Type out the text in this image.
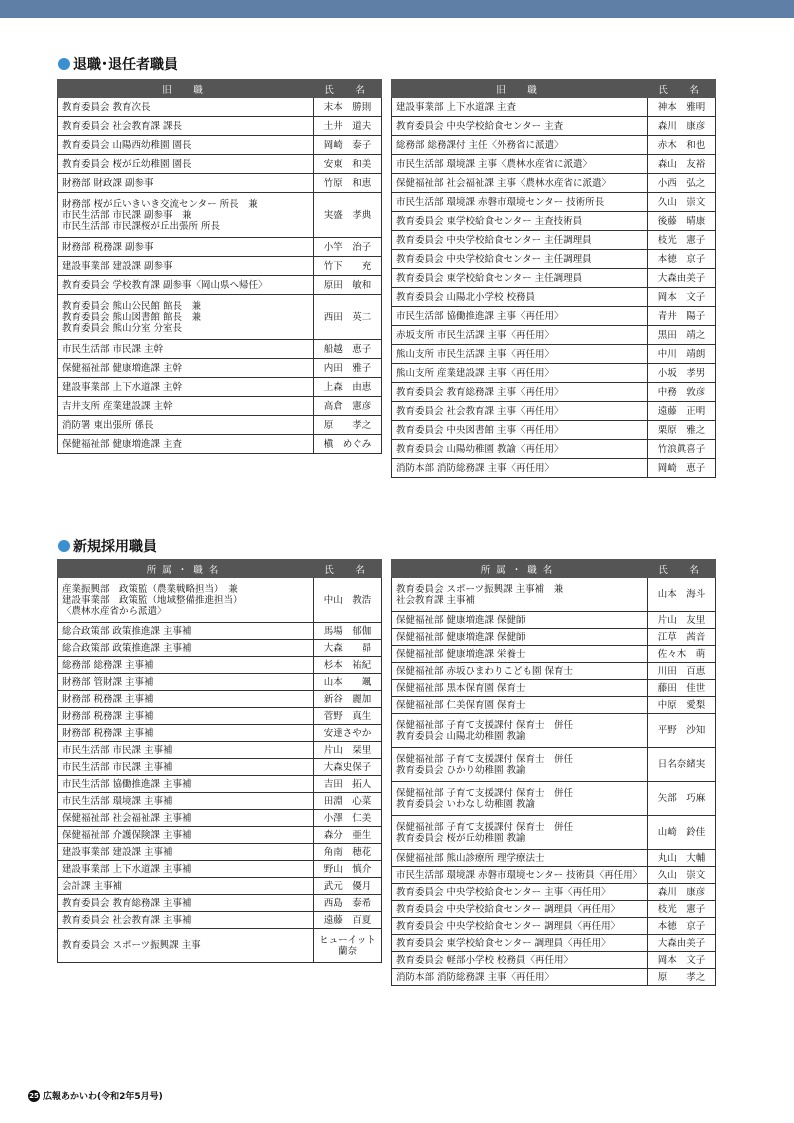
退職･退任者職員
旧　職	氏　名
教育委員会 教育次長	末本　勝則
教育委員会 社会教育課 課長	土井　道夫
教育委員会 山陽西幼稚園 園長	岡崎　泰子
教育委員会 桜が丘幼稚園 園長	安東　和美
財務部 財政課 副参事	竹原　和恵
財務部 桜が丘いきいき交流センター 所長　兼
市民生活部 市民課 副参事　兼
市民生活部 市民課桜が丘出張所 所長	実盛　孝典
財務部 税務課 副参事	小竿　治子
建設事業部 建設課 副参事	竹下　　充
教育委員会 学校教育課 副参事〈岡山県へ帰任〉	原田　敏和
教育委員会 熊山公民館 館長　兼
教育委員会 熊山図書館 館長　兼
教育委員会 熊山分室 分室長	西田　英二
市民生活部 市民課 主幹	船越　恵子
保健福祉部 健康増進課 主幹	内田　雅子
建設事業部 上下水道課 主幹	上森　由恵
吉井支所 産業建設課 主幹	高倉　憲彦
消防署 東出張所 係長	原　　孝之
保健福祉部 健康増進課 主査	槇　めぐみ
旧　職	氏　名
建設事業部 上下水道課 主査	神本　雅明
教育委員会 中央学校給食センター 主査	森川　康彦
総務部 総務課付 主任〈外務省に派遣〉	赤木　和也
市民生活部 環境課 主事〈農林水産省に派遣〉	森山　友裕
保健福祉部 社会福祉課 主事〈農林水産省に派遣〉	小西　弘之
市民生活部 環境課 赤磐市環境センター 技術所長	久山　崇文
教育委員会 東学校給食センター 主査技術員	後藤　晴康
教育委員会 中央学校給食センター 主任調理員	枝光　憲子
教育委員会 中央学校給食センター 主任調理員	本徳　京子
教育委員会 東学校給食センター 主任調理員	大森由美子
教育委員会 山陽北小学校 校務員	岡本　文子
市民生活部 協働推進課 主事〈再任用〉	青井　陽子
赤坂支所 市民生活課 主事〈再任用〉	黒田　靖之
熊山支所 市民生活課 主事〈再任用〉	中川　靖朗
熊山支所 産業建設課 主事〈再任用〉	小坂　孝男
教育委員会 教育総務課 主事〈再任用〉	中務　敦彦
教育委員会 社会教育課 主事〈再任用〉	遠藤　正明
教育委員会 中央図書館 主事〈再任用〉	栗原　雅之
教育委員会 山陽幼稚園 教諭〈再任用〉	竹浪眞喜子
消防本部 消防総務課 主事〈再任用〉	岡崎　恵子
新規採用職員
所属・職名	氏　名
産業振興部　政策監（農業戦略担当）　兼
建設事業部　政策監（地域整備推進担当）
〈農林水産省から派遣〉	中山　教浩
総合政策部 政策推進課 主事補	馬場　郁伽
総合政策部 政策推進課 主事補	大森　　昴
総務部 総務課 主事補	杉本　祐紀
財務部 管財課 主事補	山本　　颯
財務部 税務課 主事補	新谷　麗加
財務部 税務課 主事補	菅野　真生
財務部 税務課 主事補	安達さやか
市民生活部 市民課 主事補	片山　栞里
市民生活部 市民課 主事補	大森史保子
市民生活部 協働推進課 主事補	吉田　拓人
市民生活部 環境課 主事補	田淵　心菜
保健福祉部 社会福祉課 主事補	小澤　仁美
保健福祉部 介護保険課 主事補	森分　亜生
建設事業部 建設課 主事補	角南　穂花
建設事業部 上下水道課 主事補	野山　慎介
会計課 主事補	武元　優月
教育委員会 教育総務課 主事補	西島　泰希
教育委員会 社会教育課 主事補	遠藤　百夏
教育委員会 スポーツ振興課 主事	ヒューイット
蘭奈
所属・職名	氏　名
教育委員会 スポーツ振興課 主事補　兼
社会教育課 主事補	山本　海斗
保健福祉部 健康増進課 保健師	片山　友里
保健福祉部 健康増進課 保健師	江草　茜音
保健福祉部 健康増進課 栄養士	佐々木　萌
保健福祉部 赤坂ひまわりこども園 保育士	川田　百恵
保健福祉部 黒本保育園 保育士	藤田　佳世
保健福祉部 仁美保育園 保育士	中原　愛梨
保健福祉部 子育て支援課付 保育士　併任
教育委員会 山陽北幼稚園 教諭	平野　沙知
保健福祉部 子育て支援課付 保育士　併任
教育委員会 ひかり幼稚園 教諭	日名奈緒実
保健福祉部 子育て支援課付 保育士　併任
教育委員会 いわなし幼稚園 教諭	矢部　巧麻
保健福祉部 子育て支援課付 保育士　併任
教育委員会 桜が丘幼稚園 教諭	山崎　鈴佳
保健福祉部 熊山診療所 理学療法士	丸山　大輔
市民生活部 環境課 赤磐市環境センター 技術員〈再任用〉	久山　崇文
教育委員会 中央学校給食センター 主事〈再任用〉	森川　康彦
教育委員会 中央学校給食センター 調理員〈再任用〉	枝光　憲子
教育委員会 中央学校給食センター 調理員〈再任用〉	本徳　京子
教育委員会 東学校給食センター 調理員〈再任用〉	大森由美子
教育委員会 軽部小学校 校務員〈再任用〉	岡本　文子
消防本部 消防総務課 主事〈再任用〉	原　　孝之
25 広報あかいわ(令和2年5月号)
